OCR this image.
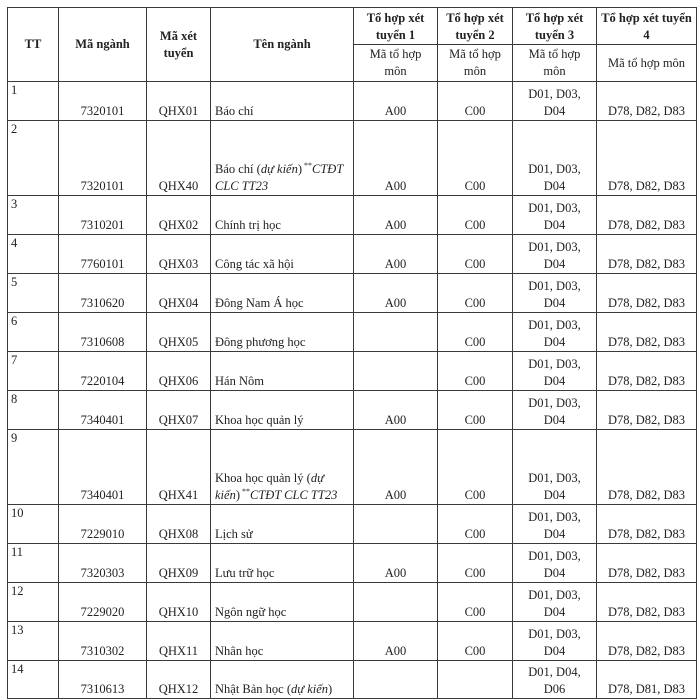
TT	Mã ngành	Mã xét tuyển	Tên ngành	Tổ hợp xét tuyển 1	Tổ hợp xét tuyển 2	Tổ hợp xét tuyển 3	Tổ hợp xét tuyển 4
				Mã tổ hợp môn	Mã tổ hợp môn	Mã tổ hợp môn	Mã tổ hợp môn
1	7320101	QHX01	Báo chí	A00	C00	D01, D03, D04	D78, D82, D83
2	7320101	QHX40	Báo chí (dự kiến) **CTĐT CLC TT23	A00	C00	D01, D03, D04	D78, D82, D83
3	7310201	QHX02	Chính trị học	A00	C00	D01, D03, D04	D78, D82, D83
4	7760101	QHX03	Công tác xã hội	A00	C00	D01, D03, D04	D78, D82, D83
5	7310620	QHX04	Đông Nam Á học	A00	C00	D01, D03, D04	D78, D82, D83
6	7310608	QHX05	Đông phương học		C00	D01, D03, D04	D78, D82, D83
7	7220104	QHX06	Hán Nôm		C00	D01, D03, D04	D78, D82, D83
8	7340401	QHX07	Khoa học quản lý	A00	C00	D01, D03, D04	D78, D82, D83
9	7340401	QHX41	Khoa học quản lý (dự kiến) **CTĐT CLC TT23	A00	C00	D01, D03, D04	D78, D82, D83
10	7229010	QHX08	Lịch sử		C00	D01, D03, D04	D78, D82, D83
11	7320303	QHX09	Lưu trữ học	A00	C00	D01, D03, D04	D78, D82, D83
12	7229020	QHX10	Ngôn ngữ học		C00	D01, D03, D04	D78, D82, D83
13	7310302	QHX11	Nhân học	A00	C00	D01, D03, D04	D78, D82, D83
14	7310613	QHX12	Nhật Bản học (dự kiến)			D01, D04, D06	D78, D81, D83
